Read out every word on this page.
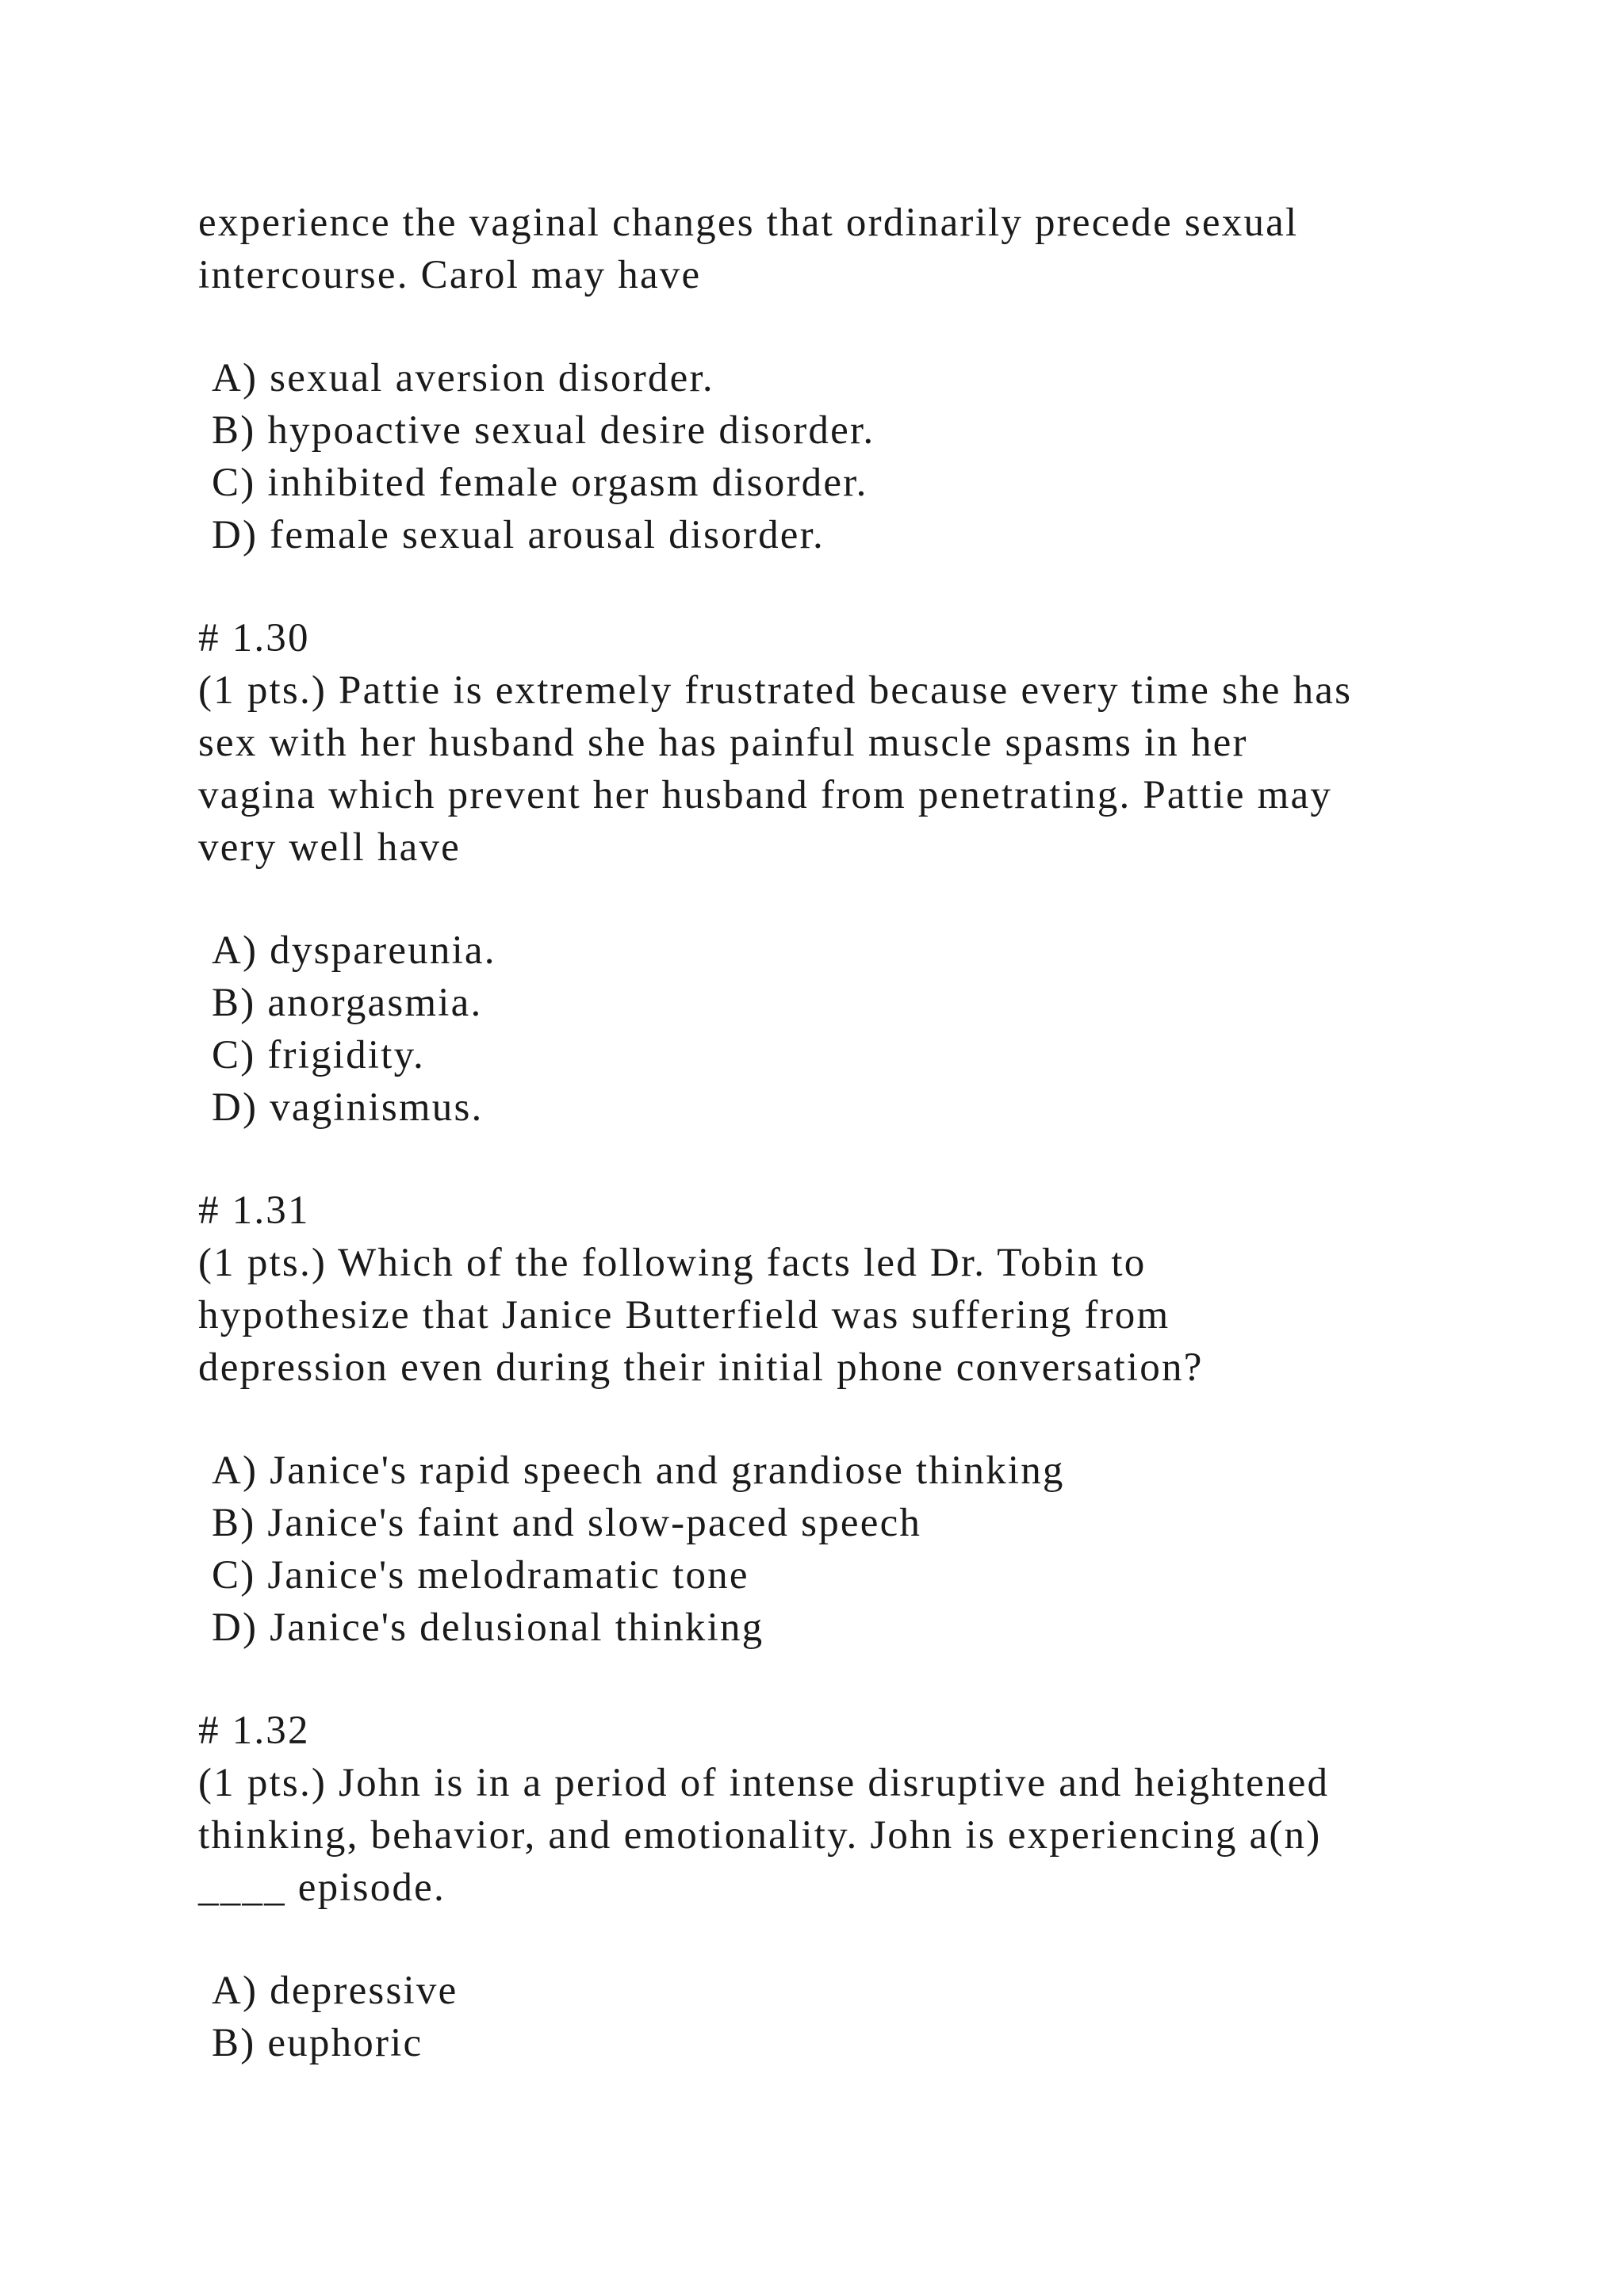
experience the vaginal changes that ordinarily precede sexual
intercourse. Carol may have
A) sexual aversion disorder.
B) hypoactive sexual desire disorder.
C) inhibited female orgasm disorder.
D) female sexual arousal disorder.
# 1.30
(1 pts.) Pattie is extremely frustrated because every time she has
sex with her husband she has painful muscle spasms in her
vagina which prevent her husband from penetrating. Pattie may
very well have
A) dyspareunia.
B) anorgasmia.
C) frigidity.
D) vaginismus.
# 1.31
(1 pts.) Which of the following facts led Dr. Tobin to
hypothesize that Janice Butterfield was suffering from
depression even during their initial phone conversation?
A) Janice's rapid speech and grandiose thinking
B) Janice's faint and slow-paced speech
C) Janice's melodramatic tone
D) Janice's delusional thinking
# 1.32
(1 pts.) John is in a period of intense disruptive and heightened
thinking, behavior, and emotionality. John is experiencing a(n)
____ episode.
A) depressive
B) euphoric
